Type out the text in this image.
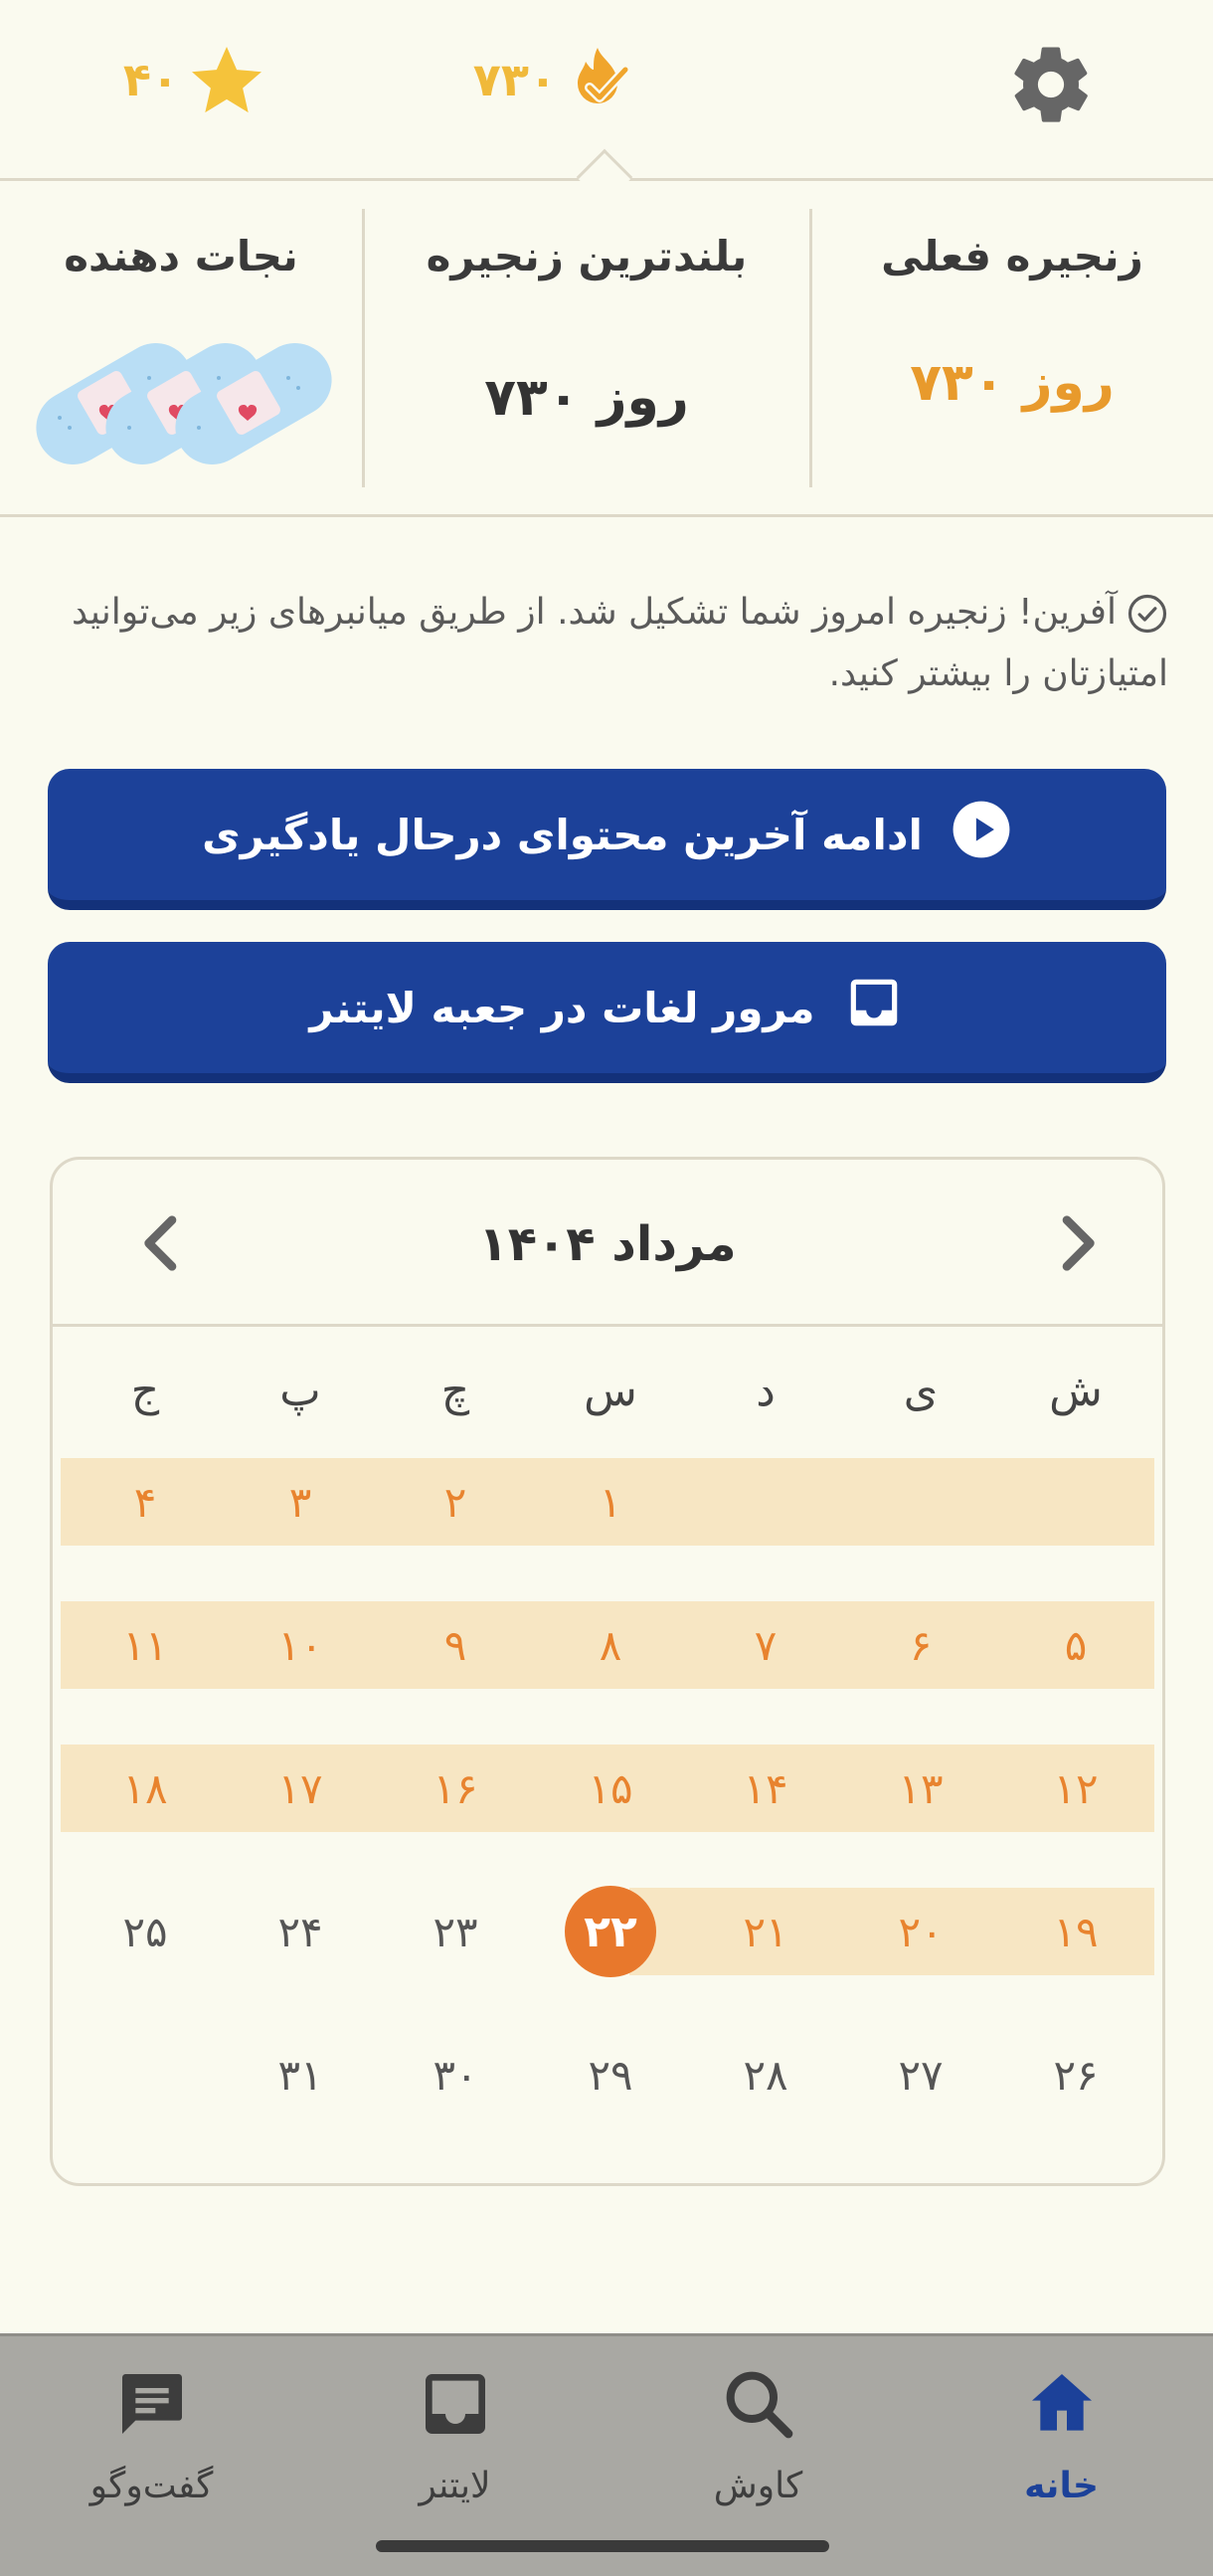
۷۳۰
۴۰
زنجیره فعلی
۷۳۰ روز
بلندترین زنجیره
۷۳۰ روز
نجات دهنده
آفرین! زنجیره امروز شما تشکیل شد. از طریق میانبرهای زیر می‌توانید امتیازتان را بیشتر کنید.
ادامه آخرین محتوای درحال یادگیری
مرور لغات در جعبه لایتنر
مرداد ۱۴۰۴
ش
ی
د
س
چ
پ
ج
۱
۲
۳
۴
۵
۶
۷
۸
۹
۱۰
۱۱
۱۲
۱۳
۱۴
۱۵
۱۶
۱۷
۱۸
۱۹
۲۰
۲۱
۲۲
۲۳
۲۴
۲۵
۲۶
۲۷
۲۸
۲۹
۳۰
۳۱
خانه
کاوش
لایتنر
گفت‌وگو
